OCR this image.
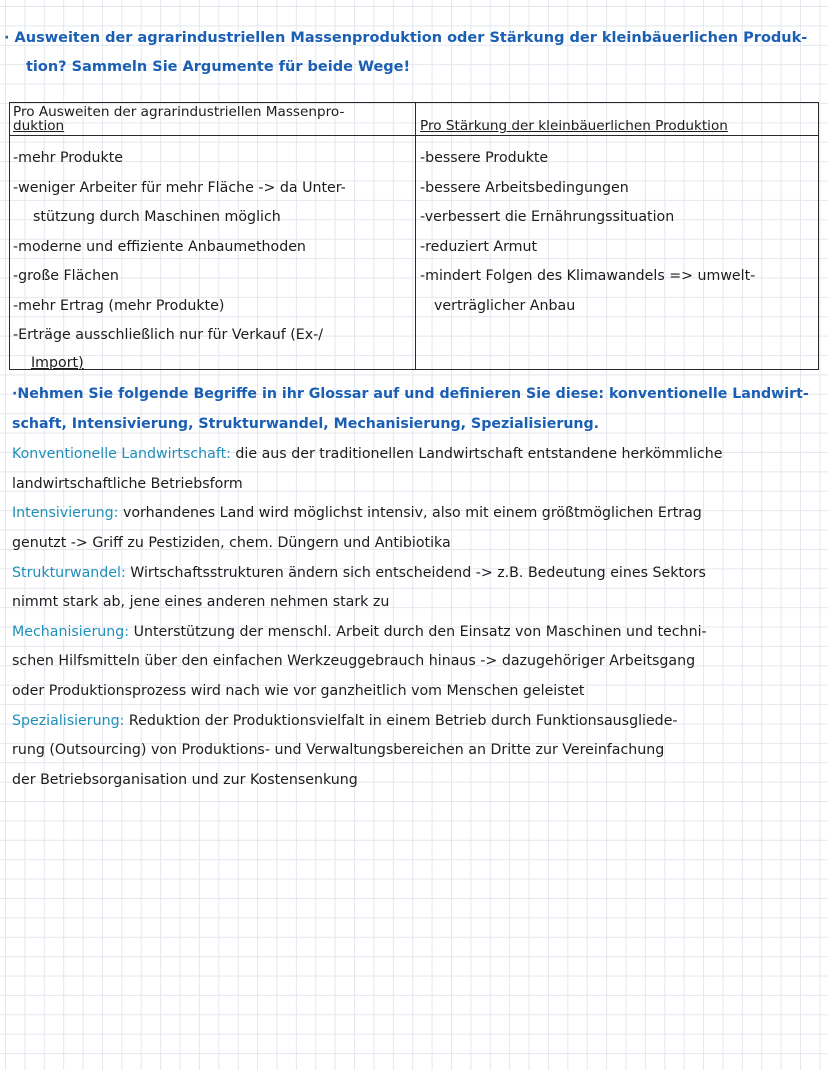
· Ausweiten der agrarindustriellen Massenproduktion oder Stärkung der kleinbäuerlichen Produk-
tion? Sammeln Sie Argumente für beide Wege!
Pro Ausweiten der agrarindustriellen Massenpro-
duktion
-mehr Produkte
-weniger Arbeiter für mehr Fläche -> da Unter-
stützung durch Maschinen möglich
-moderne und effiziente Anbaumethoden
-große Flächen
-mehr Ertrag (mehr Produkte)
-Erträge ausschließlich nur für Verkauf (Ex-/
Import)
Pro Stärkung der kleinbäuerlichen Produktion
-bessere Produkte
-bessere Arbeitsbedingungen
-verbessert die Ernährungssituation
-reduziert Armut
-mindert Folgen des Klimawandels => umwelt-
verträglicher Anbau
·Nehmen Sie folgende Begriffe in ihr Glossar auf und definieren Sie diese: konventionelle Landwirt-
schaft, Intensivierung, Strukturwandel, Mechanisierung, Spezialisierung.
Konventionelle Landwirtschaft: die aus der traditionellen Landwirtschaft entstandene herkömmliche
landwirtschaftliche Betriebsform
Intensivierung: vorhandenes Land wird möglichst intensiv, also mit einem größtmöglichen Ertrag
genutzt -> Griff zu Pestiziden, chem. Düngern und Antibiotika
Strukturwandel: Wirtschaftsstrukturen ändern sich entscheidend -> z.B. Bedeutung eines Sektors
nimmt stark ab, jene eines anderen nehmen stark zu
Mechanisierung: Unterstützung der menschl. Arbeit durch den Einsatz von Maschinen und techni-
schen Hilfsmitteln über den einfachen Werkzeuggebrauch hinaus -> dazugehöriger Arbeitsgang
oder Produktionsprozess wird nach wie vor ganzheitlich vom Menschen geleistet
Spezialisierung: Reduktion der Produktionsvielfalt in einem Betrieb durch Funktionsausgliede-
rung (Outsourcing) von Produktions- und Verwaltungsbereichen an Dritte zur Vereinfachung
der Betriebsorganisation und zur Kostensenkung
